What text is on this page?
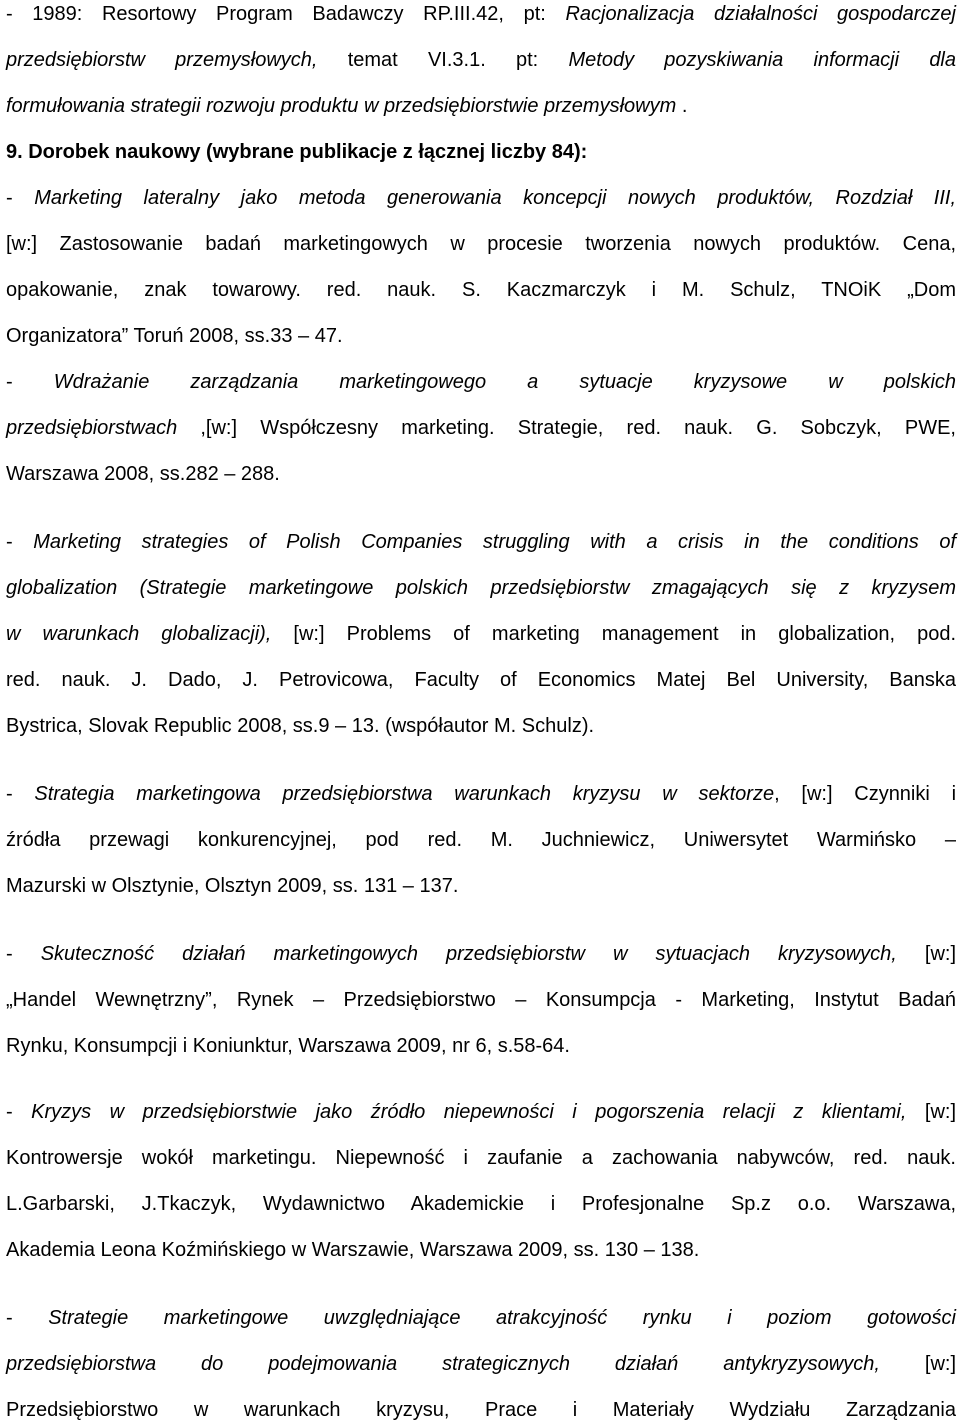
- 1989: Resortowy Program Badawczy RP.III.42, pt: Racjonalizacja działalności gospodarczej
przedsiębiorstw przemysłowych, temat VI.3.1. pt: Metody pozyskiwania informacji dla
formułowania strategii rozwoju produktu w przedsiębiorstwie przemysłowym .
9. Dorobek naukowy (wybrane publikacje z łącznej liczby 84):
- Marketing lateralny jako metoda generowania koncepcji nowych produktów, Rozdział III,
[w:] Zastosowanie badań marketingowych w procesie tworzenia nowych produktów. Cena,
opakowanie, znak towarowy. red. nauk. S. Kaczmarczyk i M. Schulz, TNOiK „Dom
Organizatora” Toruń 2008, ss.33 – 47.
- Wdrażanie zarządzania marketingowego a sytuacje kryzysowe w polskich
przedsiębiorstwach ,[w:] Współczesny marketing. Strategie, red. nauk. G. Sobczyk, PWE,
Warszawa 2008, ss.282 – 288.
- Marketing strategies of Polish Companies struggling with a crisis in the conditions of
globalization (Strategie marketingowe polskich przedsiębiorstw zmagających się z kryzysem
w warunkach globalizacji), [w:] Problems of marketing management in globalization, pod.
red. nauk. J. Dado, J. Petrovicowa, Faculty of Economics Matej Bel University, Banska
Bystrica, Slovak Republic 2008, ss.9 – 13. (współautor M. Schulz).
- Strategia marketingowa przedsiębiorstwa warunkach kryzysu w sektorze, [w:] Czynniki i
źródła przewagi konkurencyjnej, pod red. M. Juchniewicz, Uniwersytet Warmińsko –
Mazurski w Olsztynie, Olsztyn 2009, ss. 131 – 137.
- Skuteczność działań marketingowych przedsiębiorstw w sytuacjach kryzysowych, [w:]
„Handel Wewnętrzny”, Rynek – Przedsiębiorstwo – Konsumpcja - Marketing, Instytut Badań
Rynku, Konsumpcji i Koniunktur, Warszawa 2009, nr 6, s.58-64.
- Kryzys w przedsiębiorstwie jako źródło niepewności i pogorszenia relacji z klientami, [w:]
Kontrowersje wokół marketingu. Niepewność i zaufanie a zachowania nabywców, red. nauk.
L.Garbarski, J.Tkaczyk, Wydawnictwo Akademickie i Profesjonalne Sp.z o.o. Warszawa,
Akademia Leona Koźmińskiego w Warszawie, Warszawa 2009, ss. 130 – 138.
- Strategie marketingowe uwzględniające atrakcyjność rynku i poziom gotowości
przedsiębiorstwa do podejmowania strategicznych działań antykryzysowych, [w:]
Przedsiębiorstwo w warunkach kryzysu, Prace i Materiały Wydziału Zarządzania
